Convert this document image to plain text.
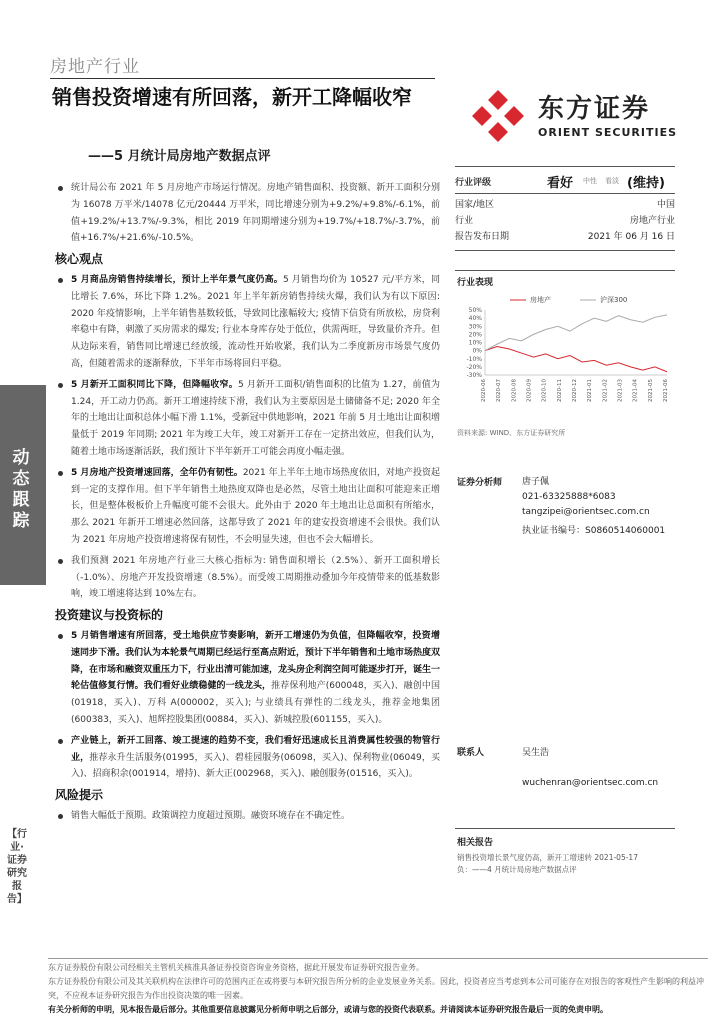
房地产行业
销售投资增速有所回落，新开工降幅收窄
——5 月统计局房地产数据点评
东方证券
ORIENT SECURITIES
动
态
跟
踪
【行业·证券研究报告】
统计局公布 2021 年 5 月房地产市场运行情况。房地产销售面积、投资额、新开工面积分别为 16078 万平米/14078 亿元/20444 万平米，同比增速分别为+9.2%/+9.8%/-6.1%，前值+19.2%/+13.7%/-9.3%，相比 2019 年同期增速分别为+19.7%/+18.7%/-3.7%，前值+16.7%/+21.6%/-10.5%。
核心观点
5 月商品房销售持续增长，预计上半年景气度仍高。5 月销售均价为 10527 元/平方米，同比增长 7.6%，环比下降 1.2%。2021 年上半年新房销售持续火爆，我们认为有以下原因: 2020 年疫情影响，上半年销售基数较低，导致同比涨幅较大; 疫情下信贷有所放松，房贷利率稳中有降，刺激了买房需求的爆发; 行业本身库存处于低位，供需两旺，导致量价齐升。但从边际来看，销售同比增速已经放缓，流动性开始收紧，我们认为二季度新房市场景气度仍高，但随着需求的逐渐释放，下半年市场将回归平稳。
5 月新开工面积同比下降，但降幅收窄。5 月新开工面积/销售面积的比值为 1.27，前值为 1.24，开工动力仍高。新开工增速持续下滑，我们认为主要原因是土储储备不足; 2020 年全年的土地出让面积总体小幅下滑 1.1%，受新冠中供地影响，2021 年前 5 月土地出让面积增量低于 2019 年同期; 2021 年为竣工大年，竣工对新开工存在一定挤出效应，但我们认为，随着土地市场逐渐活跃，我们预计下半年新开工可能会再度小幅走强。
5 月房地产投资增速回落，全年仍有韧性。2021 年上半年土地市场热度依旧，对地产投资起到一定的支撑作用。但下半年销售土地热度双降也是必然，尽管土地出让面积可能迎来正增长，但是整体极板价上升幅度可能不会很大。此外由于 2020 年土地出让总面积有所缩水，那么 2021 年新开工增速必然回落，这都导致了 2021 年的建安投资增速不会很快。我们认为 2021 年房地产投资增速将保有韧性，不会明显失速，但也不会大幅增长。
我们预测 2021 年房地产行业三大核心指标为: 销售面积增长（2.5%）、新开工面积增长（-1.0%）、房地产开发投资增速（8.5%）。而受竣工周期推动叠加今年疫情带来的低基数影响，竣工增速将达到 10%左右。
投资建议与投资标的
5 月销售增速有所回落，受土地供应节奏影响，新开工增速仍为负值，但降幅收窄，投资增速同步下滑。我们认为本轮景气周期已经运行至高点附近，预计下半年销售和土地市场热度双降，在市场和融资双重压力下，行业出清可能加速，龙头房企利润空间可能逐步打开，诞生一轮估值修复行情。我们看好业绩稳健的一线龙头，推荐保利地产(600048，买入)、融创中国(01918，买入)、万科 A(000002，买入); 与业绩具有弹性的二线龙头，推荐金地集团(600383，买入)、旭辉控股集团(00884，买入)、新城控股(601155，买入)。
产业链上，新开工回落、竣工提速的趋势不变，我们看好迅速成长且消费属性较强的物管行业，推荐永升生活服务(01995，买入)、碧桂园服务(06098，买入)、保利物业(06049，买入)、招商积余(001914，增持)、新大正(002968，买入)、融创服务(01516，买入)。
风险提示
销售大幅低于预期。政策调控力度超过预期。融资环境存在不确定性。
行业评级	看好 中性 看淡 (维持)
国家/地区	中国
行业	房地产行业
报告发布日期	2021 年 06 月 16 日
行业表现
50%
40%
30%
20%
10%
0%
-10%
-20%
-30%
2020-06 2020-07 2020-08 2020-09 2020-10 2020-11 2020-12 2021-01 2021-02 2021-03 2021-04 2021-05 2021-06
房地产	沪深300
资料来源: WIND、东方证券研究所
证券分析师 唐子佩
021-63325888*6083
tangzipei@orientsec.com.cn
执业证书编号：S0860514060001
联系人	吴生浩
wuchenran@orientsec.com.cn
相关报告
销售投资增长景气度仍高，新开工增速转 2021-05-17
负：——4 月统计局房地产数据点评
东方证券股份有限公司经相关主管机关核准具备证券投资咨询业务资格，据此开展发布证券研究报告业务。
东方证券股份有限公司及其关联机构在法律许可的范围内正在或将要与本研究报告所分析的企业发展业务关系。因此，投资者应当考虑到本公司可能存在对报告的客观性产生影响的利益冲突，不应视本证券研究报告为作出投资决策的唯一因素。
有关分析师的申明，见本报告最后部分。其他重要信息披露见分析师申明之后部分，或请与您的投资代表联系。并请阅读本证券研究报告最后一页的免责申明。
